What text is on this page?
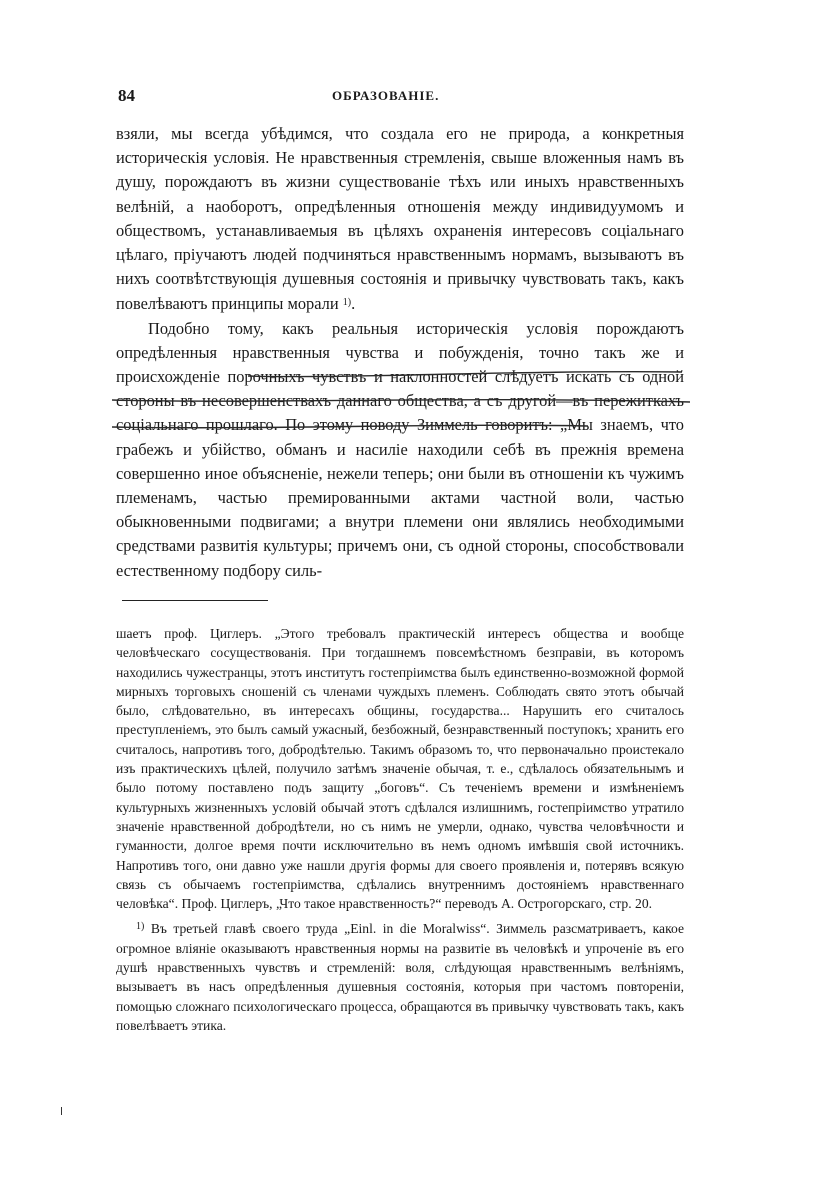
84	ОБРАЗОВАНІЕ.

взяли, мы всегда убѣдимся, что создала его не природа, а конкретныя историческія условія. Не нравственныя стремленія, свыше вложенныя намъ въ душу, порождаютъ въ жизни существованіе тѣхъ или иныхъ нравственныхъ велѣній, а наоборотъ, опредѣленныя отношенія между индивидуумомъ и обществомъ, устанавливаемыя въ цѣляхъ охраненія интересовъ соціальнаго цѣлаго, пріучаютъ людей подчиняться нравственнымъ нормамъ, вызываютъ въ нихъ соотвѣтствующія душевныя состоянія и привычку чувствовать такъ, какъ повелѣваютъ принципы морали $^{1)}$.

Подобно тому, какъ реальныя историческія условія порождаютъ опредѣленныя нравственныя чувства и побужденія, точно такъ же и происхожденіе порочныхъ чувствъ и наклонностей слѣдуетъ искать съ одной стороны въ несовершенствахъ даннаго общества, а съ другой—въ пережиткахъ соціальнаго прошлаго. По этому поводу Зиммель говоритъ: „Мы знаемъ, что грабежъ и убійство, обманъ и насиліе находили себѣ въ прежнія времена совершенно иное объясненіе, нежели теперь; они были въ отношеніи къ чужимъ племенамъ, частью премированными актами частной воли, частью обыкновенными подвигами; а внутри племени они являлись необходимыми средствами развитія культуры; причемъ они, съ одной стороны, способствовали естественному подбору силь-

шаетъ проф. Циглеръ. „Этого требовалъ практическій интересъ общества и вообще человѣческаго сосуществованія. При тогдашнемъ повсемѣстномъ безправіи, въ которомъ находились чужестранцы, этотъ институтъ гостепріимства былъ единственно-возможной формой мирныхъ торговыхъ сношеній съ членами чуждыхъ племенъ. Соблюдать свято этотъ обычай было, слѣдовательно, въ интересахъ общины, государства... Нарушить его считалось преступленіемъ, это былъ самый ужасный, безбожный, безнравственный поступокъ; хранить его считалось, напротивъ того, добродѣтелью. Такимъ образомъ то, что первоначально проистекало изъ практическихъ цѣлей, получило затѣмъ значеніе обычая, т. е., сдѣлалось обязательнымъ и было потому поставлено подъ защиту „боговъ“. Съ теченіемъ времени и измѣненіемъ культурныхъ жизненныхъ условій обычай этотъ сдѣлался излишнимъ, гостепріимство утратило значеніе нравственной добродѣтели, но съ нимъ не умерли, однако, чувства человѣчности и гуманности, долгое время почти исключительно въ немъ одномъ имѣвшія свой источникъ. Напротивъ того, они давно уже нашли другія формы для своего проявленія и, потерявъ всякую связь съ обычаемъ гостепріимства, сдѣлались внутреннимъ достояніемъ нравственнаго человѣка“. Проф. Циглеръ, „Что такое нравственность?“ переводъ А. Острогорскаго, стр. 20.

$^{1)}$ Въ третьей главѣ своего труда „Einl. in die Moralwiss“. Зиммель разсматриваетъ, какое огромное вліяніе оказываютъ нравственныя нормы на развитіе въ человѣкѣ и упроченіе въ его душѣ нравственныхъ чувствъ и стремленій: воля, слѣдующая нравственнымъ велѣніямъ, вызываетъ въ насъ опредѣленныя душевныя состоянія, которыя при частомъ повтореніи, помощью сложнаго психологическаго процесса, обращаются въ привычку чувствовать такъ, какъ повелѣваетъ этика.
